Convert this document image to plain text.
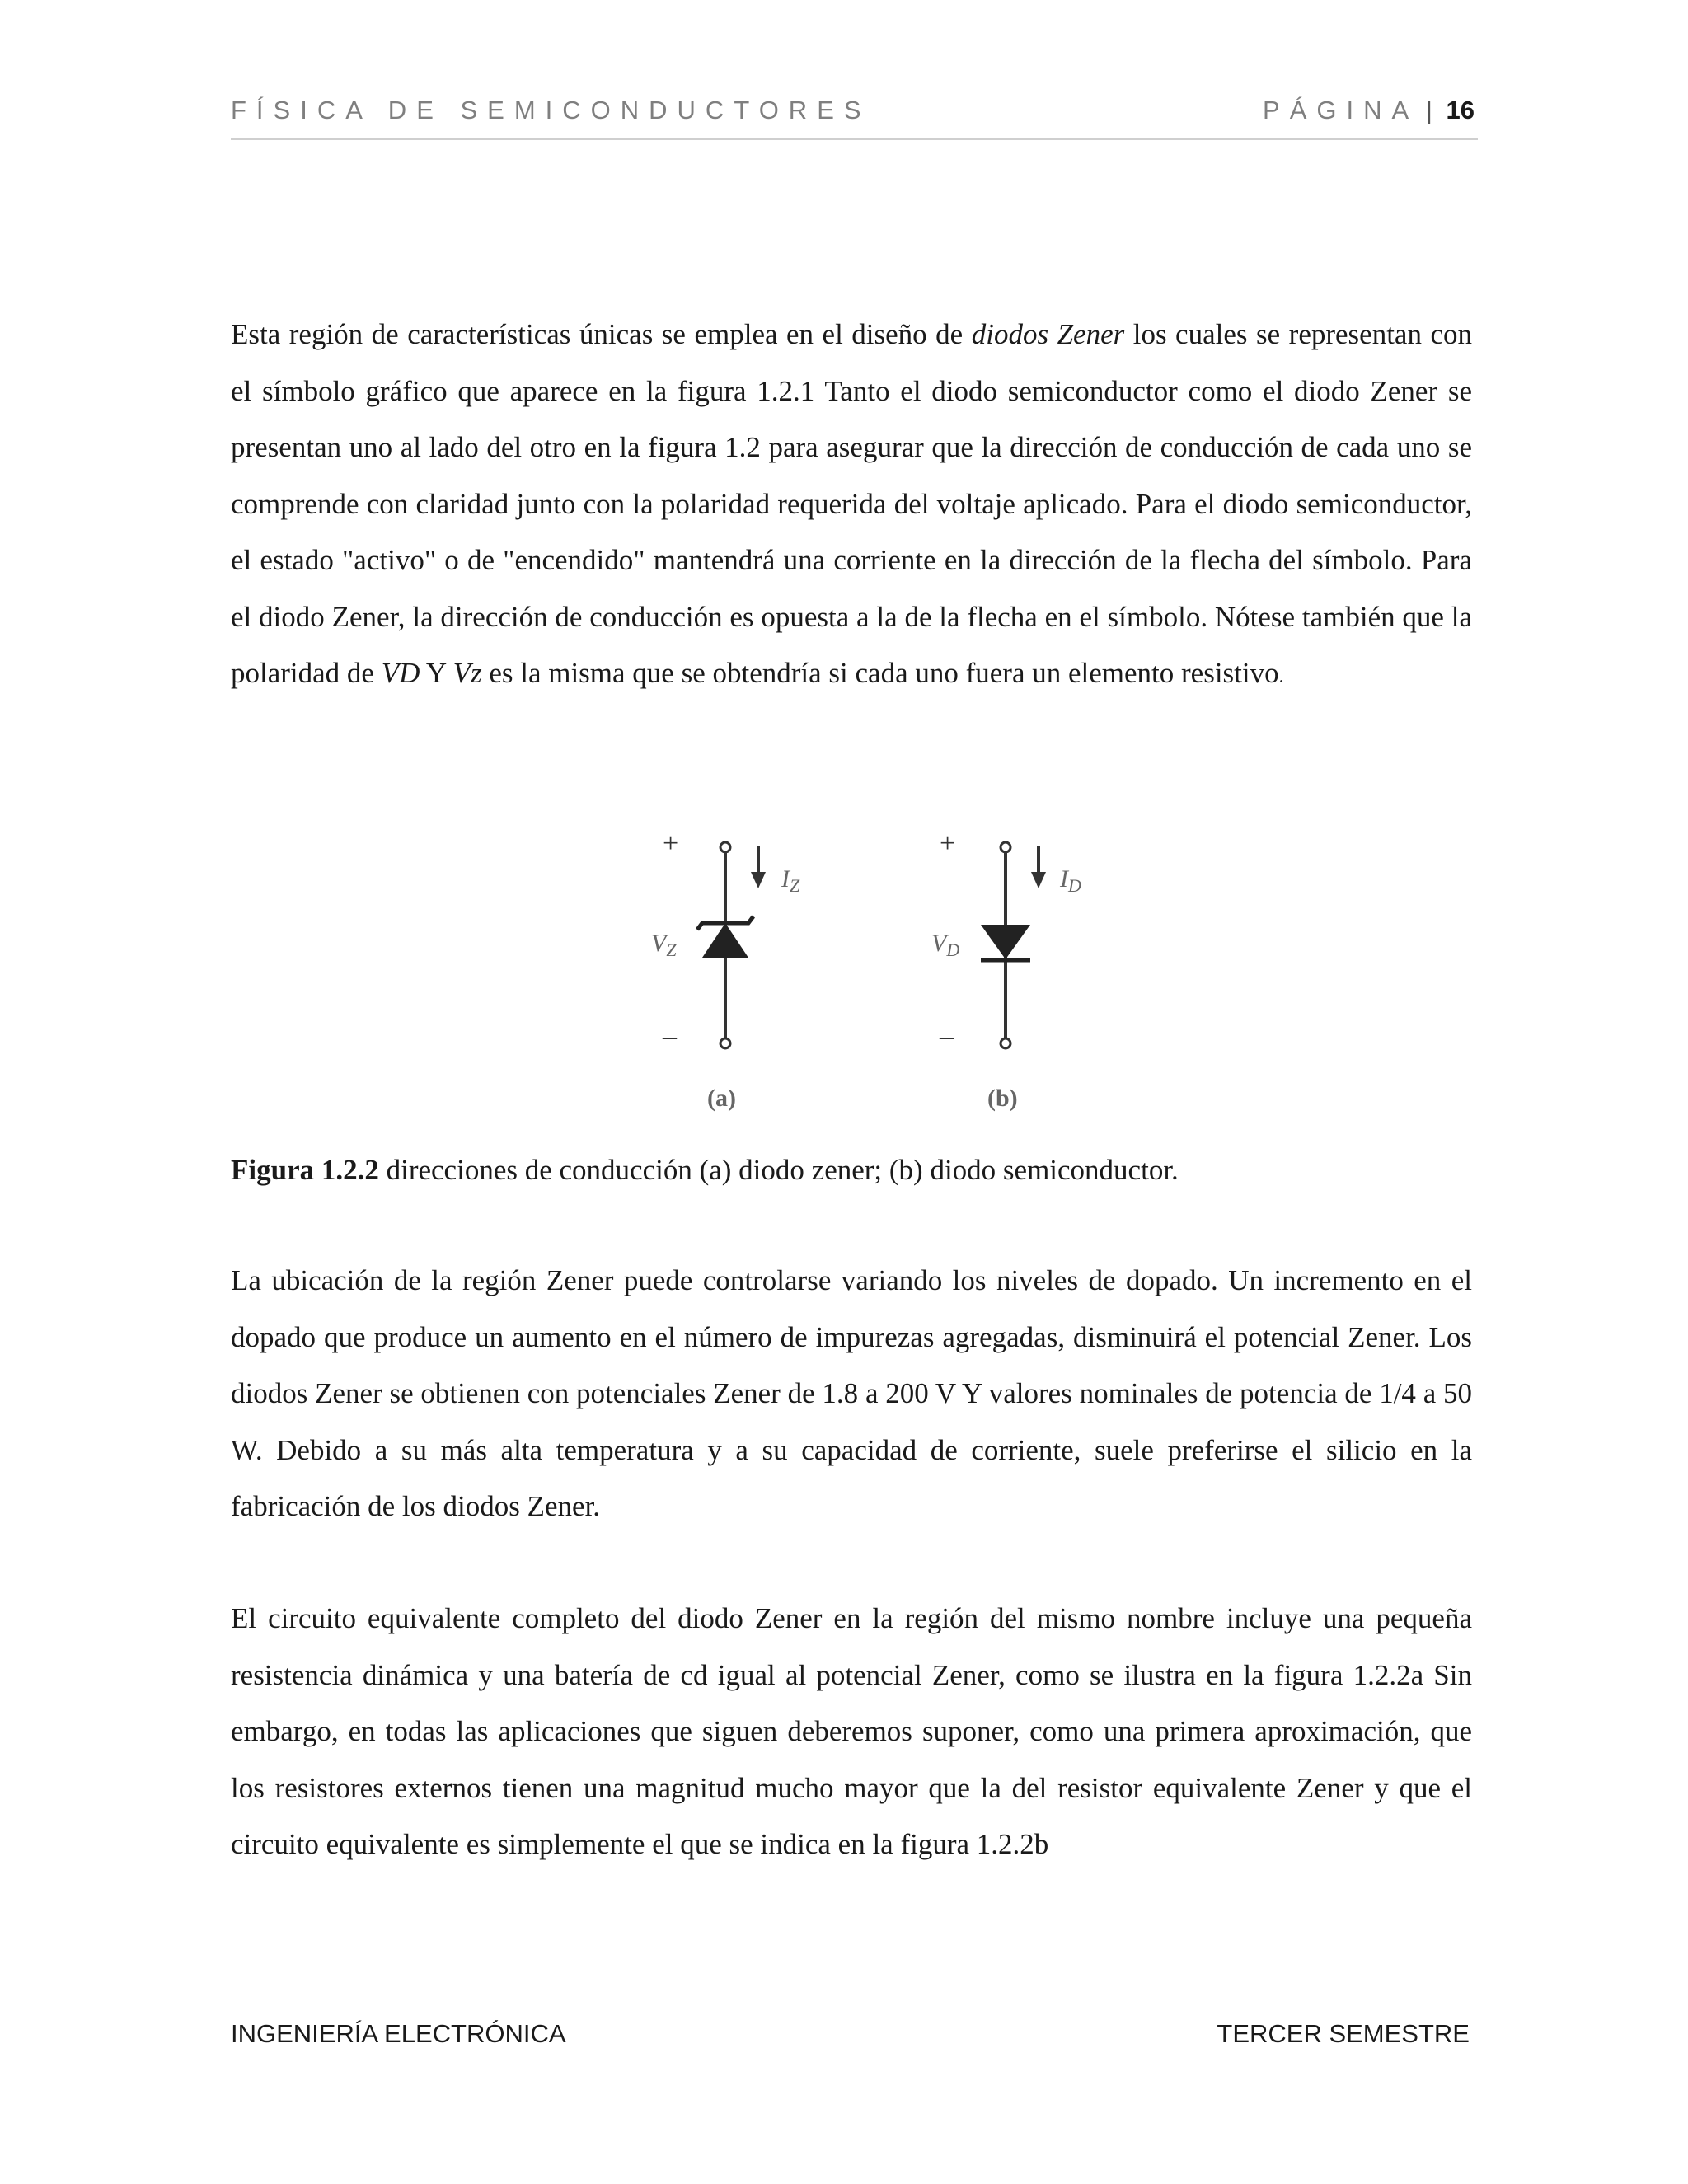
FÍSICA DE SEMICONDUCTORES	PÁGINA | 16

Esta región de características únicas se emplea en el diseño de diodos Zener los cuales se representan con el símbolo gráfico que aparece en la figura 1.2.1 Tanto el diodo semiconductor como el diodo Zener se presentan uno al lado del otro en la figura 1.2 para asegurar que la dirección de conducción de cada uno se comprende con claridad junto con la polaridad requerida del voltaje aplicado. Para el diodo semiconductor, el estado "activo" o de "encendido" mantendrá una corriente en la dirección de la flecha del símbolo. Para el diodo Zener, la dirección de conducción es opuesta a la de la flecha en el símbolo. Nótese también que la polaridad de VD Y Vz es la misma que se obtendría si cada uno fuera un elemento resistivo.

+
$I_Z$
$V_Z$
–
(a)
+
$I_D$
$V_D$
–
(b)

Figura 1.2.2 direcciones de conducción (a) diodo zener; (b) diodo semiconductor.

La ubicación de la región Zener puede controlarse variando los niveles de dopado. Un incremento en el dopado que produce un aumento en el número de impurezas agregadas, disminuirá el potencial Zener. Los diodos Zener se obtienen con potenciales Zener de 1.8 a 200 V Y valores nominales de potencia de 1/4 a 50 W. Debido a su más alta temperatura y a su capacidad de corriente, suele preferirse el silicio en la fabricación de los diodos Zener.

El circuito equivalente completo del diodo Zener en la región del mismo nombre incluye una pequeña resistencia dinámica y una batería de cd igual al potencial Zener, como se ilustra en la figura 1.2.2a Sin embargo, en todas las aplicaciones que siguen deberemos suponer, como una primera aproximación, que los resistores externos tienen una magnitud mucho mayor que la del resistor equivalente Zener y que el circuito equivalente es simplemente el que se indica en la figura 1.2.2b

INGENIERÍA ELECTRÓNICA	TERCER SEMESTRE
